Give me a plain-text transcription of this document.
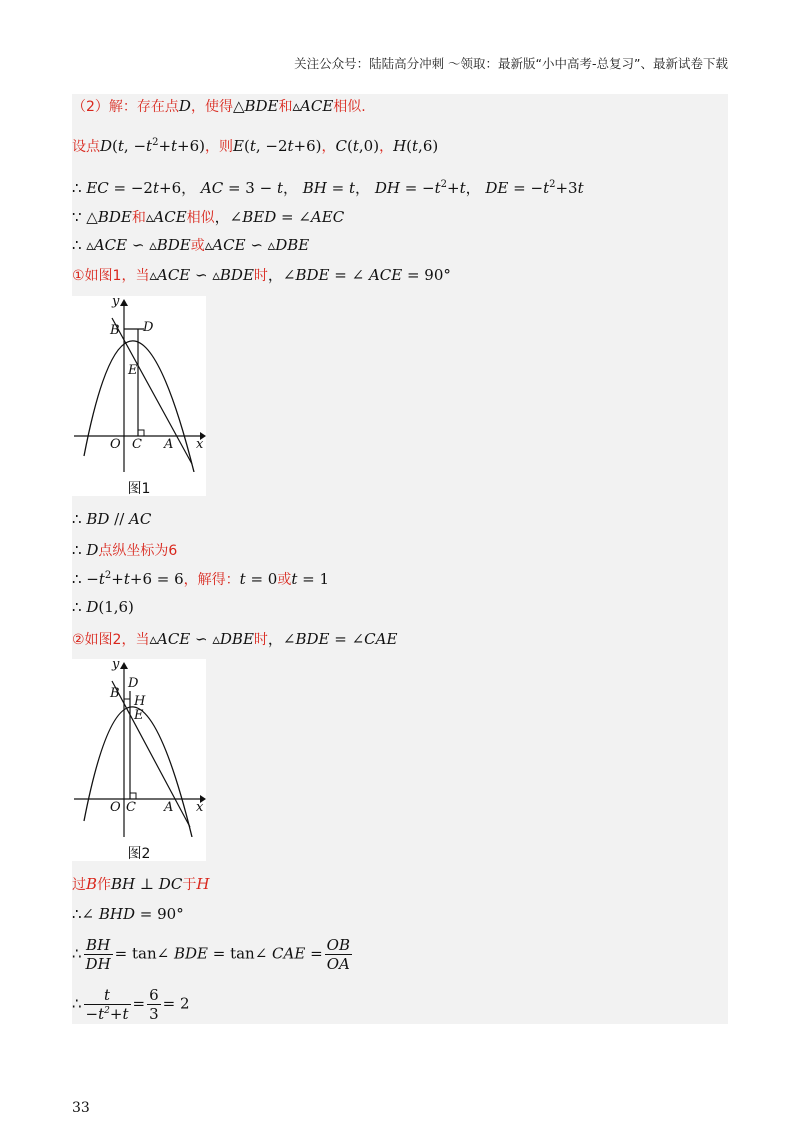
关注公众号：陆陆高分冲刺 ～领取：最新版“小中高考-总复习”、最新试卷下载
（2）解：存在点D，使得△BDE和▵ACE相似.
设点D(t, $-t^2+t+6$)，则E(t, −2t+6)，C(t,0)，H(t,6)
∴ EC = −2t+6， AC = 3 − t， BH = t， DH = $-t^2+t$， DE = $-t^2+3t$
∵ △BDE和▵ACE相似，∠BED = ∠AEC
∴ ▵ACE ∽ ▵BDE或▵ACE ∽ ▵DBE
①如图1，当▵ACE ∽ ▵BDE时，∠BDE = ∠ ACE = 90°
y
B D
E
O C A x
图1
∴ BD // AC
∴ D点纵坐标为6
∴ $-t^2+t+6 = 6$，解得：t = 0或t = 1
∴ D(1,6)
②如图2，当▵ACE ∽ ▵DBE时，∠BDE = ∠CAE
y
B
D
H
E
O C A x
图2
过B作BH ⊥ DC于H
∴∠ BHD = 90°
∴ $\frac{BH}{DH}$ = tan∠ BDE = tan∠ CAE = $\frac{OB}{OA}$
∴ $\frac{t}{-t^2+t} = \frac{6}{3} = 2$
33
